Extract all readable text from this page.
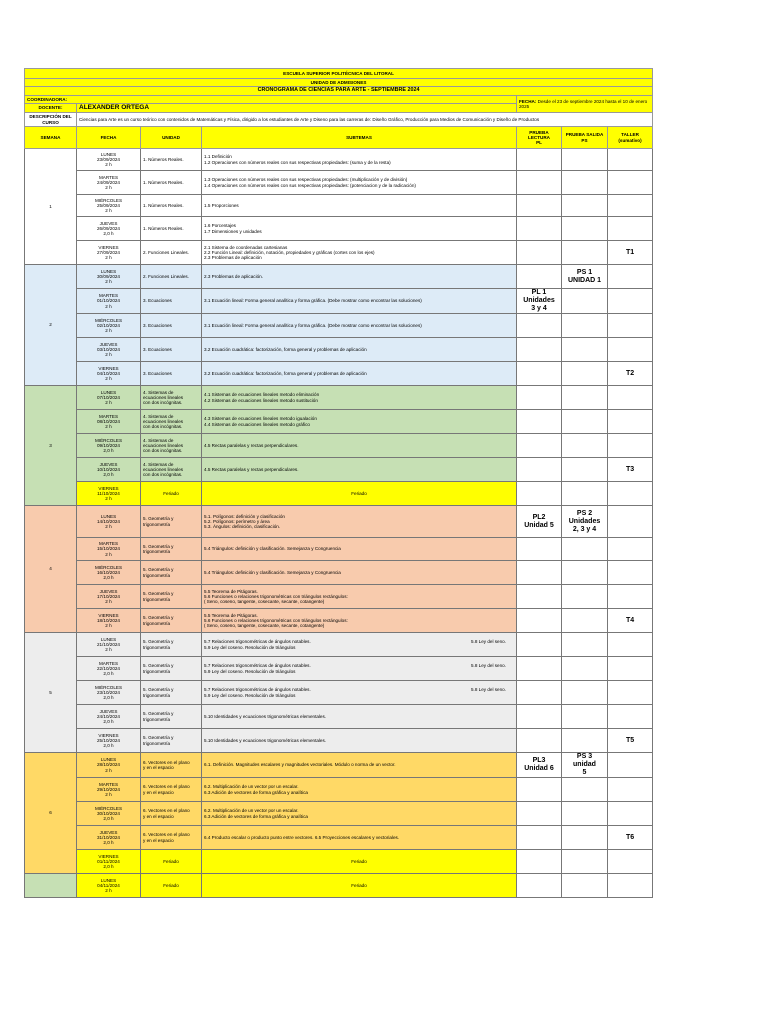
ESCUELA SUPERIOR POLITÉCNICA DEL LITORAL						
UNIDAD DE ADMISIONES						
CRONOGRAMA DE CIENCIAS PARA ARTE - SEPTIEMBRE 2024						
COORDINADORA:				FECHA: Desde el 23 de septiembre 2024 hasta el 10 de enero
2025		
DOCENTE:	ALEXANDER ORTEGA					
DESCRIPCIÓN DEL
CURSO	Ciencias para Arte es un curso teórico con contenidos de Matemáticas y Física, dirigido a los estudiantes de Arte y Diseno para las carreras de: Diseño Gráfico, Producción para Medios de Comunicación y Diseño de Productos					
SEMANA	FECHA	UNIDAD	SUBTEMAS	PRUEBA
LECTURA
PL	PRUEBA SALIDA
PS	TALLER
(sumativo)
1	LUNES
23/09/2024
2 h	1. Números Reales.	1.1 Definición
1.2 Operaciones con números reales con sus respectivas propiedades: (suma y de la resta)			
	MARTES
24/09/2024
2 h	1. Números Reales.	1.3 Operaciones con números reales con sus respectivas propiedades: (multiplicación y de división)
1.4 Operaciones con números reales con sus respectivas propiedades: (potenciacion y de la radicación)			
	MIÉRCOLES
25/09/2024
2 h	1. Números Reales.	1.5 Proporciones			
	JUEVES
26/09/2024
2,0 h	1. Números Reales.	1.6 Porcentajes
1.7 Dimensiones y unidades			
	VIERNES
27/09/2024
2 h	2. Funciones Lineales.	2.1 Sistema de coordenadas cartesianas
2.2 Función Lineal: definición, notación, propiedades y gráficas (cortes con los ejes)
2.3 Problemas de aplicación			T1
2	LUNES
30/09/2024
2 h	2. Funciones Lineales.	2.3 Problemas de aplicación.		PS 1
UNIDAD 1	
	MARTES
01/10/2024
2 h	3. Ecuaciones	3.1 Ecuación lineal: Forma general analítica y forma gráfica. (Debe mostrar como encontrar las soluciones)	PL 1
Unidades
3 y 4		
	MIÉRCOLES
02/10/2024
2 h	3. Ecuaciones	3.1 Ecuación lineal: Forma general analítica y forma gráfica. (Debe mostrar como encontrar las soluciones)			
	JUEVES
03/10/2024
2 h	3. Ecuaciones	3.2 Ecuación cuadrática: factorización, forma general y problemas de aplicación			
	VIERNES
04/10/2024
2 h	3. Ecuaciones	3.2 Ecuación cuadrática: factorización, forma general y problemas de aplicación			T2
3	LUNES
07/10/2024
2 h	4. Sistemas de
ecuaciones lineales
con dos incógnitas.	4.1 Sistemas de ecuaciones lineales metodo eliminación
4.2 Sistemas de ecuaciones lineales metodo sustitución			
	MARTES
08/10/2024
2 h	4. Sistemas de
ecuaciones lineales
con dos incógnitas.	4.3 Sistemas de ecuaciones lineales metodo igualación
4.4 Sistemas de ecuaciones lineales metodo gráfico			
	MIÉRCOLES
09/10/2024
2,0 h	4. Sistemas de
ecuaciones lineales
con dos incógnitas.	4.5 Rectas paralelas y rectas perpendiculares.			
	JUEVES
10/10/2024
2,0 h	4. Sistemas de
ecuaciones lineales
con dos incógnitas.	4.5 Rectas paralelas y rectas perpendiculares.			T3
	VIERNES
11/10/2024
2 h	Feriado	Feriado			
4	LUNES
14/10/2024
2 h	5. Geometría y
trigonometría	5.1. Polígonos: definición y clasificación
5.2. Polígonos: perímetro y área
5.3. Ángulos: definición, clasificación.	PL2
Unidad 5	PS 2
Unidades
2, 3 y 4	
	MARTES
15/10/2024
2 h	5. Geometría y
trigonometría	5.4 Triángulos: definición y clasificación. Semejanza y Congruencia			
	MIÉRCOLES
16/10/2024
2,0 h	5. Geometría y
trigonometría	5.4 Triángulos: definición y clasificación. Semejanza y Congruencia			
	JUEVES
17/10/2024
2 h	5. Geometría y
trigonometría	5.5 Teorema de Pitágoras.
5.6 Funciones o relaciones trigonométricas con triángulos rectángulos:
( Seno, coseno, tangente, cosecante, secante, cotangente)			
	VIERNES
18/10/2024
2 h	5. Geometría y
trigonometría	5.5 Teorema de Pitágoras.
5.6 Funciones o relaciones trigonométricas con triángulos rectángulos:
( Seno, coseno, tangente, cosecante, secante, cotangente)			T4
5	LUNES
21/10/2024
2 h	5. Geometría y
trigonometría	5.7 Relaciones trigonométricas de ángulos notables.
5.9 Ley del coseno. Resolución de triángulos
5.8 Ley del seno.			

	MARTES
22/10/2024
2,0 h	5. Geometría y
trigonometría	5.7 Relaciones trigonométricas de ángulos notables.
5.9 Ley del coseno. Resolución de triángulos
5.8 Ley del seno.			

	MIÉRCOLES
23/10/2024
2,0 h	5. Geometría y
trigonometría	5.7 Relaciones trigonométricas de ángulos notables.
5.9 Ley del coseno. Resolución de triángulos
5.8 Ley del seno.			

	JUEVES
24/10/2024
2,0 h	5. Geometría y
trigonometría	5.10 Identidades y ecuaciones trigonométricas elementales.			
	VIERNES
25/10/2024
2,0 h	5. Geometría y
trigonometría	5.10 Identidades y ecuaciones trigonométricas elementales.			T5
6	LUNES
28/10/2024
2 h	6. Vectores en el plano
y en el espacio	6.1. Definición. Magnitudes escalares y magnitudes vectoriales. Módulo o norma de un vector.	PL3
Unidad 6	PS 3
unidad
5	
	MARTES
29/10/2024
2 h	6. Vectores en el plano
y en el espacio	6.2. Multiplicación de un vector por un escalar.
6.3 Adición de vectores de forma gráfica y analítica			
	MIÉRCOLES
30/10/2024
2,0 h	6. Vectores en el plano
y en el espacio	6.2. Multiplicación de un vector por un escalar.
6.3 Adición de vectores de forma gráfica y analítica			
	JUEVES
31/10/2024
2,0 h	6. Vectores en el plano
y en el espacio	6.4 Producto escalar o producto punto entre vectores. 6.5 Proyecciones escalares y vectoriales.			T6
	VIERNES
01/11/2024
2,0 h	Feriado	Feriado			
	LUNES
04/11/2024
2 h	Feriado	Feriado			
